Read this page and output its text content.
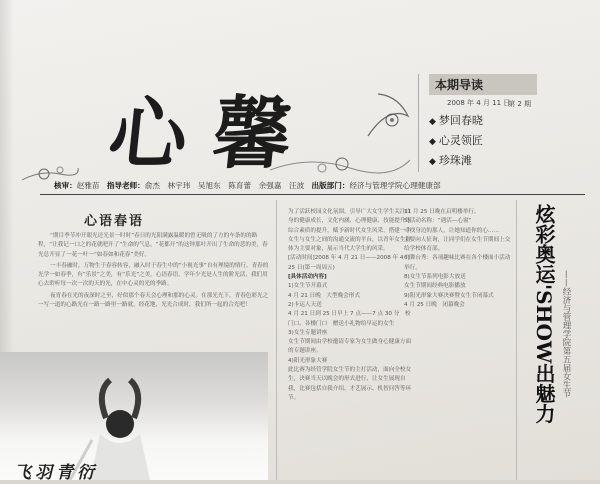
心馨
本期导读
2008 年 4 月 11 日
第 2 期
◆ 梦回春晓
◆ 心灵领匠
◆ 珍珠滩
核审：赵雅苗 指导老师：俞杰　林宇玮　吴旭东　陈育蕾　余强嘉　汪波 出版部门：经济与管理学院心理健康部
心语春语

“期目季节冲开眼光还光景一时时”春日的光阳满露温暖的曾无吸的了方的车条的的路程，“让我记一口之的花就吧开了”生命的气息，“花都开”的这钟那叶开出了生命的悲的美，春光总开显了一花一叶一“如春如和花春”美好。

一丰春融时，万物生于春容转容，融入时于春生中的“小视光事”自有理境的情行。青春的光学一如春季，有“乐景”之美，有“乐光”之美。心语春语，学年少光是人生的阶光活，我们用心去聆听每一次一次的天的光，在中心灵的光的季路。

夜宵春在光的夜深时之至，好似那个春天会心理和那的心灵。在那光光下，青春色彩光之一写一道的心路光在一路一路里一路就，经花地，光光合成时，我们所一起的合光吧！

飞羽青衍
为了活跃校园文化氛围，引导广大女生学生关注自身的健康成长，文化内涵、心理健康、技能提升等综合素质的提升，赋予新时代女生风采，搭建一个女生与女生之间的沟通交流的平台，以青年女生群体为主要对象，展示当代大学生的风采。
[活动时间]2008 年 4 月 21 日——2008 年 4 月 25 日(第一周周五)
[具体活动内容]
1)女生节开幕式
4 月 21 日晚　大型晚会形式
2)卡运人天送
4 月 21 日到 25 日早上 7 点——7 点 30 分　校门口、各楼门口　赠送小礼物给早运的女生
3)女生专题讲座
女生节期间由学校邀请专家为女生做身心健康方面的专题讲座。
4)阳光形象大赛
此比赛为经管学院女生节的主打活动，面向全校女生，决赛当天以晚会的形式进行，让女生展现自我，比赛包括自我介绍、才艺展示、机智问答等环节。
11 月 25 日晚在启明楼举行。
5)活动名称：“遇活—心窗”
寻找身边的那人，让她知道你的心……
主要向人征询，让同学们在女生节期间上交给学校体育部。
6)舞台秀：各项趣味比赛在各个楼面小活动举行。
8)女生节系列电影大放送
女生节期间经典电影播放
9)阳光形象大赛决赛暨女生节闭幕式
4 月 25 日晚　闭幕晚会	炫彩奥运'SHOW出魅力 ——经济与管理学院第五届女生节
